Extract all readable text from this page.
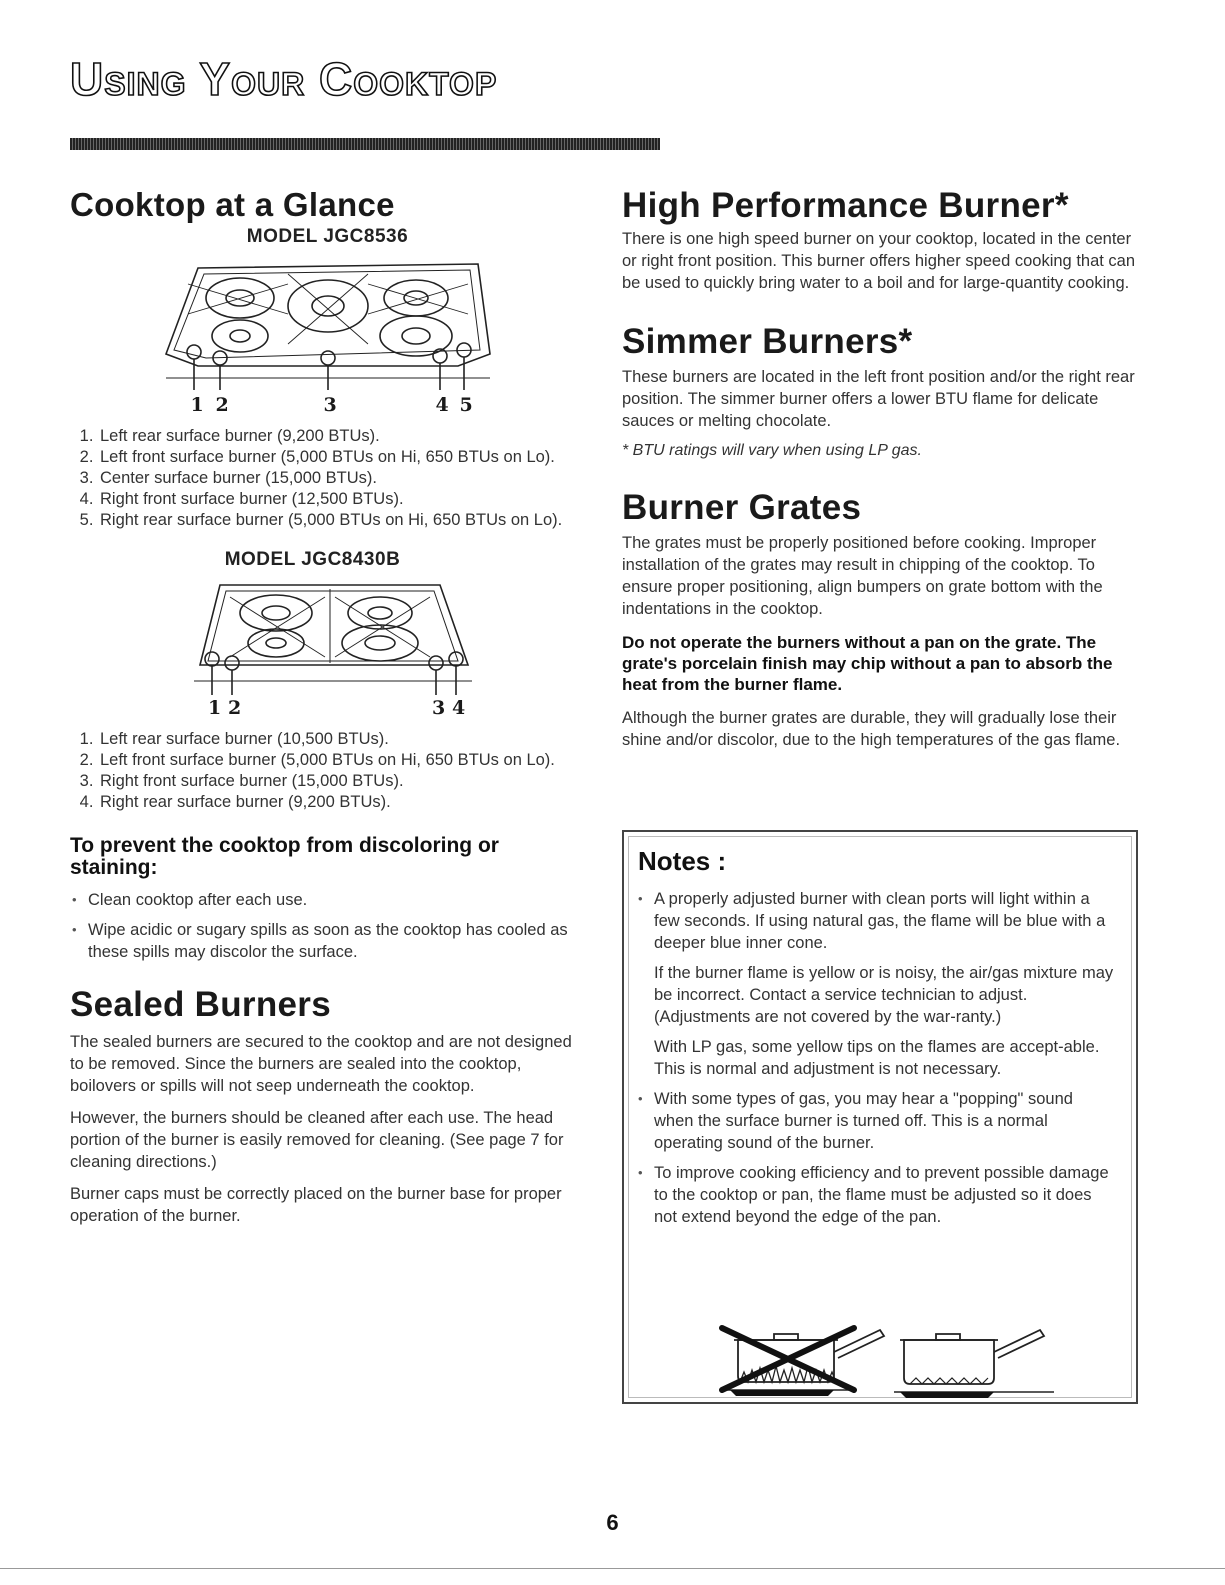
Using Your Cooktop
Cooktop at a Glance
MODEL JGC8536
1 2	3	4 5
1. Left rear surface burner (9,200 BTUs).
2. Left front surface burner (5,000 BTUs on Hi, 650 BTUs on Lo).
3. Center surface burner (15,000 BTUs).
4. Right front surface burner (12,500 BTUs).
5. Right rear surface burner (5,000 BTUs on Hi, 650 BTUs on Lo).
MODEL JGC8430B
1 2	3 4
1. Left rear surface burner (10,500 BTUs).
2. Left front surface burner (5,000 BTUs on Hi, 650 BTUs on Lo).
3. Right front surface burner (15,000 BTUs).
4. Right rear surface burner (9,200 BTUs).
To prevent the cooktop from discoloring or staining:
• Clean cooktop after each use.
• Wipe acidic or sugary spills as soon as the cooktop has cooled as these spills may discolor the surface.
Sealed Burners

The sealed burners are secured to the cooktop and are not designed to be removed. Since the burners are sealed into the cooktop, boilovers or spills will not seep underneath the cooktop.

However, the burners should be cleaned after each use. The head portion of the burner is easily removed for cleaning. (See page 7 for cleaning directions.)

Burner caps must be correctly placed on the burner base for proper operation of the burner.

High Performance Burner*

There is one high speed burner on your cooktop, located in the center or right front position. This burner offers higher speed cooking that can be used to quickly bring water to a boil and for large-quantity cooking.

Simmer Burners*

These burners are located in the left front position and/or the right rear position. The simmer burner offers a lower BTU flame for delicate sauces or melting chocolate.

* BTU ratings will vary when using LP gas.

Burner Grates

The grates must be properly positioned before cooking. Improper installation of the grates may result in chipping of the cooktop. To ensure proper positioning, align bumpers on grate bottom with the indentations in the cooktop.

Do not operate the burners without a pan on the grate. The grate's porcelain finish may chip without a pan to absorb the heat from the burner flame.

Although the burner grates are durable, they will gradually lose their shine and/or discolor, due to the high temperatures of the gas flame.

Notes :
• A properly adjusted burner with clean ports will light within a few seconds. If using natural gas, the flame will be blue with a deeper blue inner cone.
If the burner flame is yellow or is noisy, the air/gas mixture may be incorrect. Contact a service technician to adjust. (Adjustments are not covered by the war-ranty.)
With LP gas, some yellow tips on the flames are accept-able. This is normal and adjustment is not necessary.
• With some types of gas, you may hear a "popping" sound when the surface burner is turned off. This is a normal operating sound of the burner.
• To improve cooking efficiency and to prevent possible damage to the cooktop or pan, the flame must be adjusted so it does not extend beyond the edge of the pan.
6
